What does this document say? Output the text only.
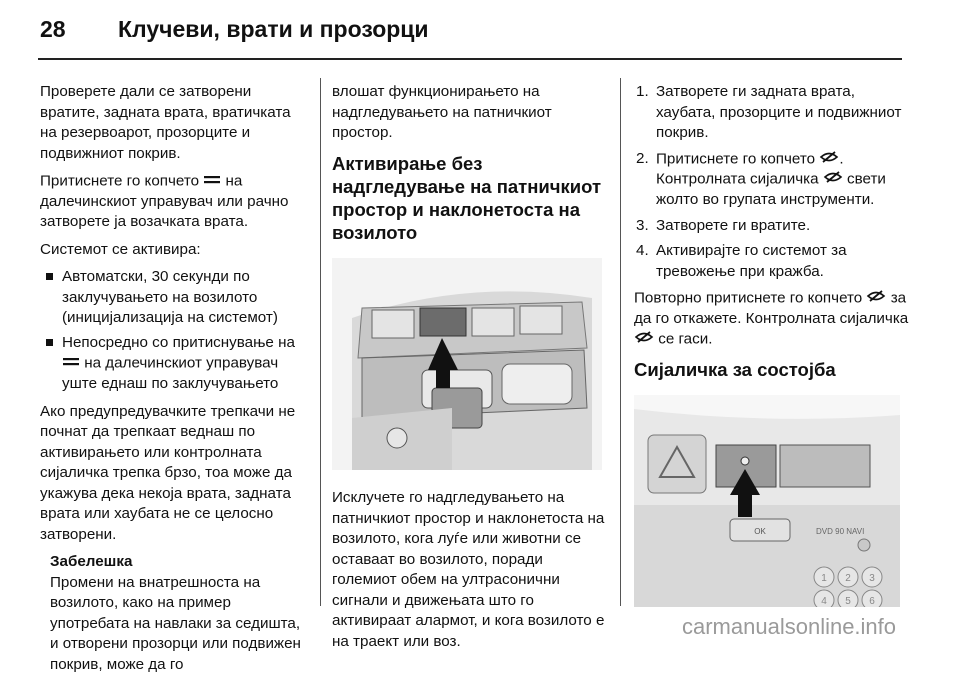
28 Клучеви, врати и прозорци

Проверете дали се затворени вратите, задната врата, вратичката на резервоарот, прозорците и подвижниот покрив.

Притиснете го копчето  на далечинскиот управувач или рачно затворете ја возачката врата.

Системот се активира:

Автоматски, 30 секунди по заклучувањето на возилото (иницијализација на системот)
Непосредно со притиснување на  на далечинскиот управувач уште еднаш по заклучувањето

Ако предупредувачките трепкачи не почнат да трепкаат веднаш по активирањето или контролната сијаличка трепка брзо, тоа може да укажува дека некоја врата, задната врата или хаубата не се целосно затворени.

Забелешка
Промени на внатрешноста на возилото, како на пример употребата на навлаки за седишта, и отворени прозорци или подвижен покрив, може да го

влошат функционирањето на надгледувањето на патничкиот простор.

Активирање без надгледување на патничкиот простор и наклонетоста на возилото

Исклучете го надгледувањето на патничкиот простор и наклонетоста на возилото, кога луѓе или животни се оставаат во возилото, поради големиот обем на ултрасонични сигнали и движењата што го активираат алармот, и кога возилото е на траект или воз.

1. Затворете ги задната врата, хаубата, прозорците и подвижниот покрив.
2. Притиснете го копчето . Контролната сијаличка  свети жолто во групата инструменти.
3. Затворете ги вратите.
4. Активирајте го системот за тревожење при кражба.

Повторно притиснете го копчето  за да го откажете. Контролната сијаличка  се гаси.

Сијаличка за состојба
OK	DVD 90 NAVI
1 2 3
4 5 6
carmanualsonline.info
